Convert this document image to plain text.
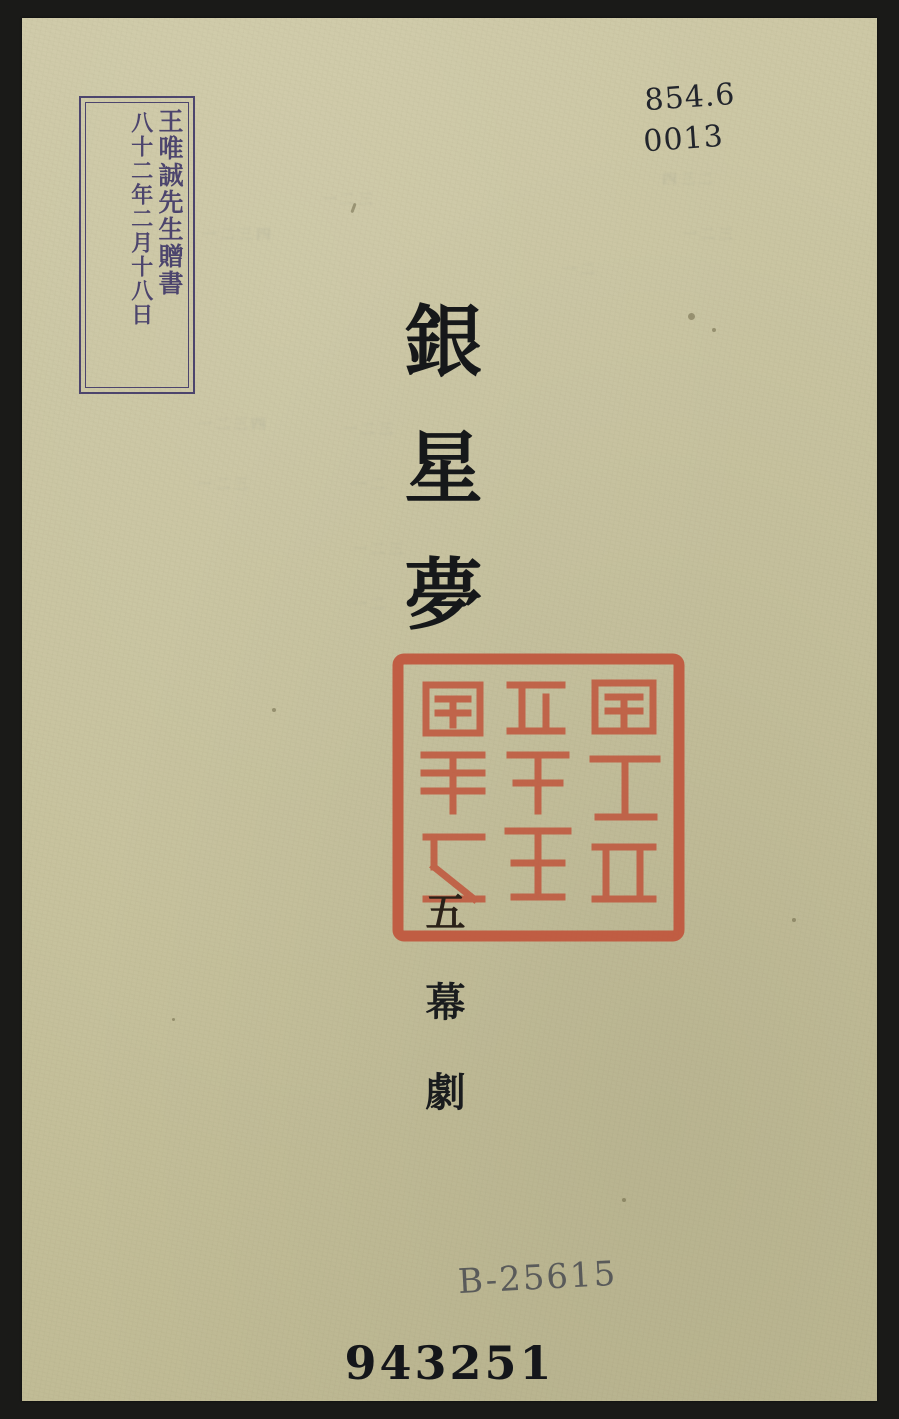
㆒㆓㆔㆕
㆒㆓㆔
㆕㆔㆓
㆒㆓㆔
㆒㆓㆔㆕	㆒㆓㆔
㆒㆓
㆒㆓㆔
㆒㆓㆔
㆒㆓
㆒㆓
王唯誠先生贈書
八十二年二月十八日
854.6
0013
銀
星
夢
五
幕
劇
B-25615
943251
